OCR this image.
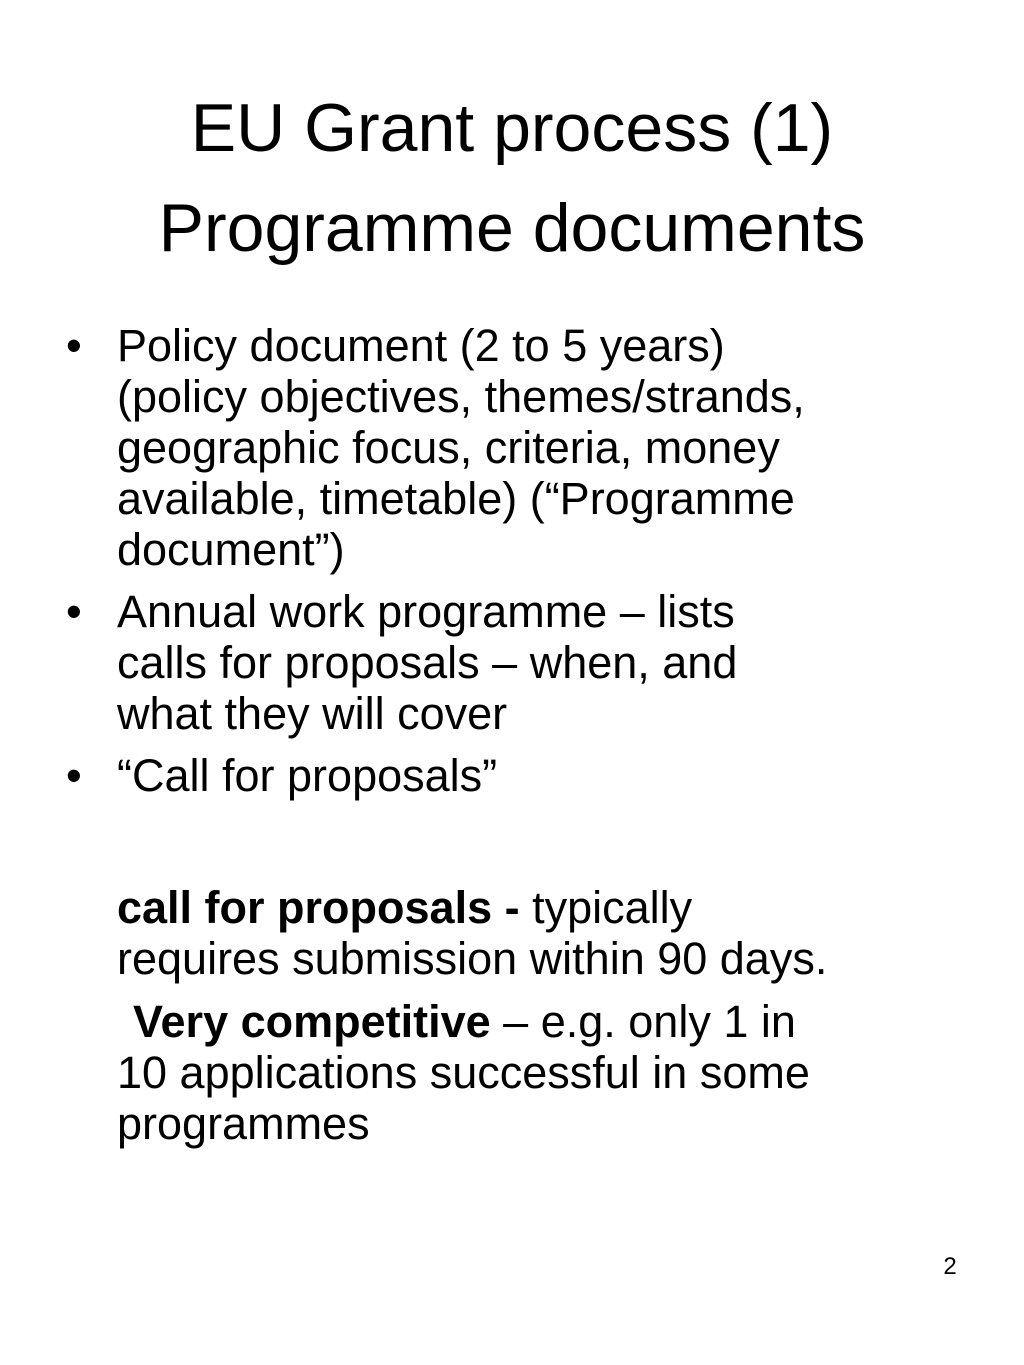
EU Grant process (1)
Programme documents
• Policy document (2 to 5 years)
(policy objectives, themes/strands,
geographic focus, criteria, money
available, timetable) (“Programme
document”)
• Annual work programme – lists
calls for proposals – when, and
what they will cover
• “Call for proposals”
call for proposals - typically
requires submission within 90 days.
Very competitive – e.g. only 1 in
10 applications successful in some
programmes
2
